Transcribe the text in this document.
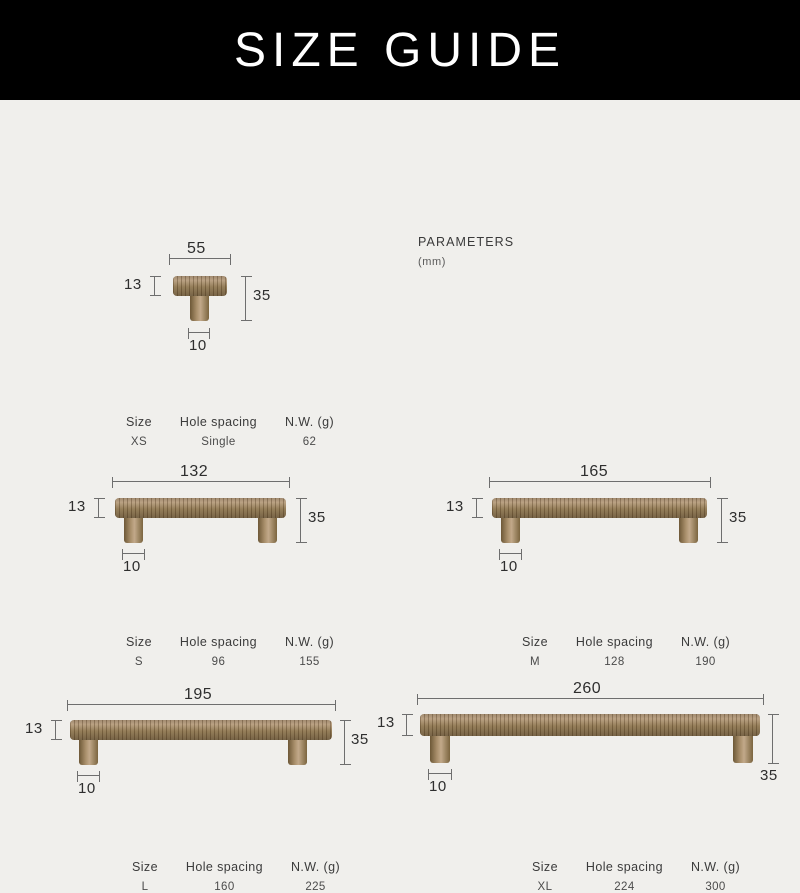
SIZE GUIDE
PARAMETERS
(mm)
55
13
35
10
Size
XS
Hole spacing
Single
N.W. (g)
62
132
13
35
10
Size
S
Hole spacing
96
N.W. (g)
155
165
13
35
10
Size
M
Hole spacing
128
N.W. (g)
190
195
13
35
10
Size
L
Hole spacing
160
N.W. (g)
225
260
13
35
10
Size
XL
Hole spacing
224
N.W. (g)
300
